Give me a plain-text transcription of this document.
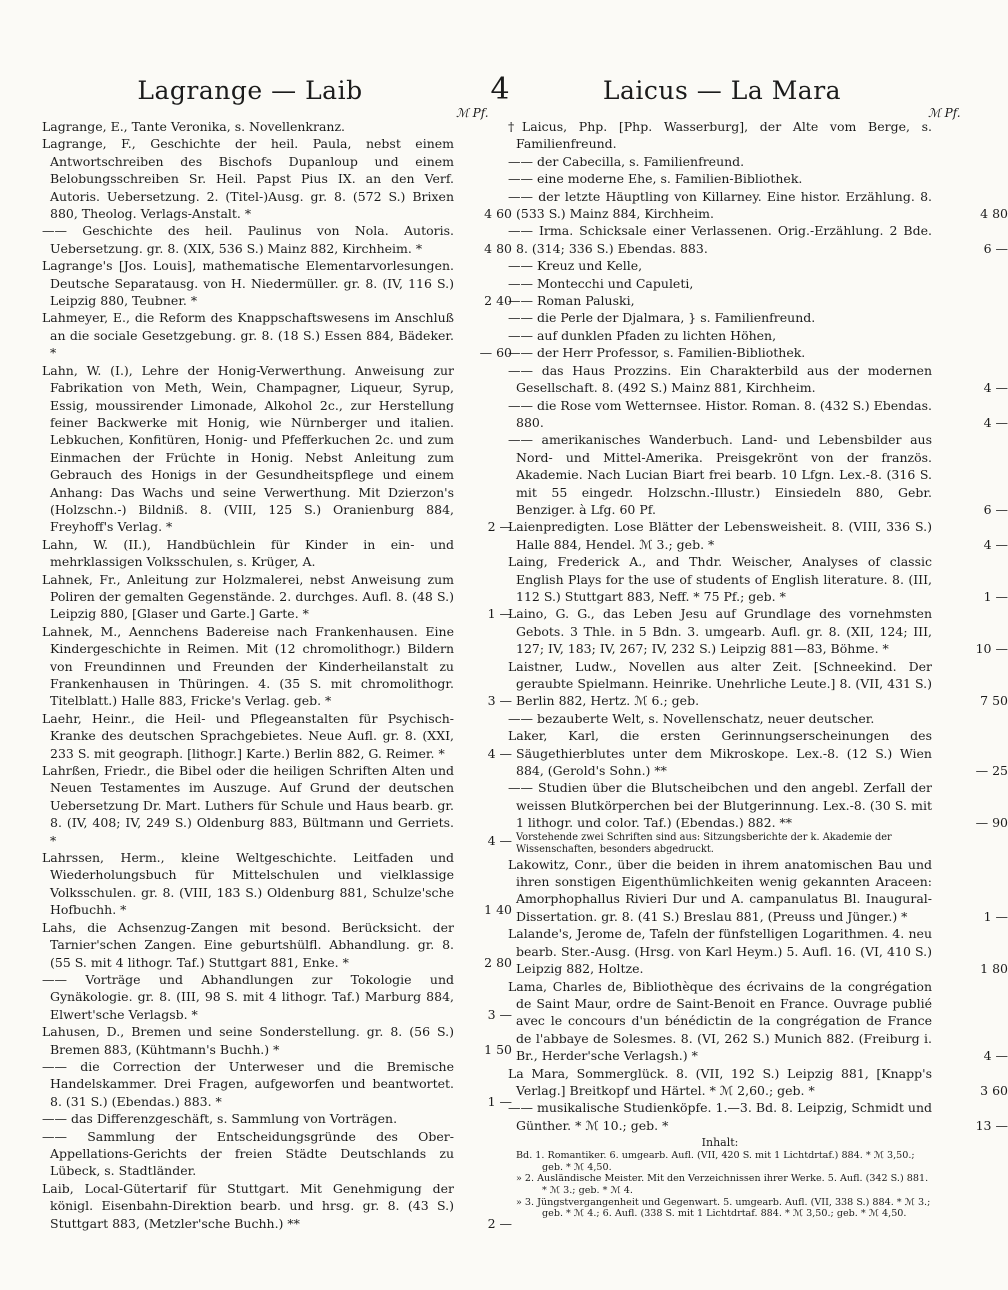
Lagrange — Laib	4	Laicus — La Mara
ℳ Pf.	ℳ Pf.

Lagrange, E., Tante Veronika, s. Novellenkranz.

Lagrange, F., Geschichte der heil. Paula, nebst einem Antwortschreiben des Bischofs Dupanloup und einem Belobungsschreiben Sr. Heil. Papst Pius IX. an den Verf. Autoris. Uebersetzung. 2. (Titel-)Ausg. gr. 8. (572 S.) Brixen 880, Theolog. Verlags-Anstalt. *	4 60

—— Geschichte des heil. Paulinus von Nola. Autoris. Uebersetzung. gr. 8. (XIX, 536 S.) Mainz 882, Kirchheim. *	4 80

Lagrange's [Jos. Louis], mathematische Elementarvorlesungen. Deutsche Separatausg. von H. Niedermüller. gr. 8. (IV, 116 S.) Leipzig 880, Teubner. *	2 40

Lahmeyer, E., die Reform des Knappschaftswesens im Anschluß an die sociale Gesetzgebung. gr. 8. (18 S.) Essen 884, Bädeker. *	— 60

Lahn, W. (I.), Lehre der Honig-Verwerthung. Anweisung zur Fabrikation von Meth, Wein, Champagner, Liqueur, Syrup, Essig, moussirender Limonade, Alkohol 2c., zur Herstellung feiner Backwerke mit Honig, wie Nürnberger und italien. Lebkuchen, Konfitüren, Honig- und Pfefferkuchen 2c. und zum Einmachen der Früchte in Honig. Nebst Anleitung zum Gebrauch des Honigs in der Gesundheitspflege und einem Anhang: Das Wachs und seine Verwerthung. Mit Dzierzon's (Holzschn.-) Bildniß. 8. (VIII, 125 S.) Oranienburg 884, Freyhoff's Verlag. *	2 —

Lahn, W. (II.), Handbüchlein für Kinder in ein- und mehrklassigen Volksschulen, s. Krüger, A.

Lahnek, Fr., Anleitung zur Holzmalerei, nebst Anweisung zum Poliren der gemalten Gegenstände. 2. durchges. Aufl. 8. (48 S.) Leipzig 880, [Glaser und Garte.] Garte. *	1 —

Lahnek, M., Aennchens Badereise nach Frankenhausen. Eine Kindergeschichte in Reimen. Mit (12 chromolithogr.) Bildern von Freundinnen und Freunden der Kinderheilanstalt zu Frankenhausen in Thüringen. 4. (35 S. mit chromolithogr. Titelblatt.) Halle 883, Fricke's Verlag. geb. *	3 —

Laehr, Heinr., die Heil- und Pflegeanstalten für Psychisch-Kranke des deutschen Sprachgebietes. Neue Aufl. gr. 8. (XXI, 233 S. mit geograph. [lithogr.] Karte.) Berlin 882, G. Reimer. *	4 —

Lahrßen, Friedr., die Bibel oder die heiligen Schriften Alten und Neuen Testamentes im Auszuge. Auf Grund der deutschen Uebersetzung Dr. Mart. Luthers für Schule und Haus bearb. gr. 8. (IV, 408; IV, 249 S.) Oldenburg 883, Bültmann und Gerriets. *	4 —

Lahrssen, Herm., kleine Weltgeschichte. Leitfaden und Wiederholungsbuch für Mittelschulen und vielklassige Volksschulen. gr. 8. (VIII, 183 S.) Oldenburg 881, Schulze'sche Hofbuchh. *	1 40

Lahs, die Achsenzug-Zangen mit besond. Berücksicht. der Tarnier'schen Zangen. Eine geburtshülfl. Abhandlung. gr. 8. (55 S. mit 4 lithogr. Taf.) Stuttgart 881, Enke. *	2 80

—— Vorträge und Abhandlungen zur Tokologie und Gynäkologie. gr. 8. (III, 98 S. mit 4 lithogr. Taf.) Marburg 884, Elwert'sche Verlagsb. *	3 —

Lahusen, D., Bremen und seine Sonderstellung. gr. 8. (56 S.) Bremen 883, (Kühtmann's Buchh.) *	1 50

—— die Correction der Unterweser und die Bremische Handelskammer. Drei Fragen, aufgeworfen und beantwortet. 8. (31 S.) (Ebendas.) 883. *	1 —

—— das Differenzgeschäft, s. Sammlung von Vorträgen.

—— Sammlung der Entscheidungsgründe des Ober-Appellations-Gerichts der freien Städte Deutschlands zu Lübeck, s. Stadtländer.

Laib, Local-Gütertarif für Stuttgart. Mit Genehmigung der königl. Eisenbahn-Direktion bearb. und hrsg. gr. 8. (43 S.) Stuttgart 883, (Metzler'sche Buchh.) **	2 —

†Laicus, Php. [Php. Wasserburg], der Alte vom Berge, s. Familienfreund.

—— der Cabecilla, s. Familienfreund.

—— eine moderne Ehe, s. Familien-Bibliothek.

—— der letzte Häuptling von Killarney. Eine histor. Erzählung. 8. (533 S.) Mainz 884, Kirchheim.	4 80

—— Irma. Schicksale einer Verlassenen. Orig.-Erzählung. 2 Bde. 8. (314; 336 S.) Ebendas. 883.	6 —

—— Kreuz und Kelle,

—— Montecchi und Capuleti,

—— Roman Paluski,

—— die Perle der Djalmara, } s. Familienfreund.

—— auf dunklen Pfaden zu lichten Höhen,

—— der Herr Professor, s. Familien-Bibliothek.

—— das Haus Prozzins. Ein Charakterbild aus der modernen Gesellschaft. 8. (492 S.) Mainz 881, Kirchheim.	4 —

—— die Rose vom Wetternsee. Histor. Roman. 8. (432 S.) Ebendas. 880.	4 —

—— amerikanisches Wanderbuch. Land- und Lebensbilder aus Nord- und Mittel-Amerika. Preisgekrönt von der französ. Akademie. Nach Lucian Biart frei bearb. 10 Lfgn. Lex.-8. (316 S. mit 55 eingedr. Holzschn.-Illustr.) Einsiedeln 880, Gebr. Benziger. à Lfg. 60 Pf.	6 —

Laienpredigten. Lose Blätter der Lebensweisheit. 8. (VIII, 336 S.) Halle 884, Hendel. ℳ 3.; geb. *	4 —

Laing, Frederick A., and Thdr. Weischer, Analyses of classic English Plays for the use of students of English literature. 8. (III, 112 S.) Stuttgart 883, Neff. * 75 Pf.; geb. *	1 —

Laino, G. G., das Leben Jesu auf Grundlage des vornehmsten Gebots. 3 Thle. in 5 Bdn. 3. umgearb. Aufl. gr. 8. (XII, 124; III, 127; IV, 183; IV, 267; IV, 232 S.) Leipzig 881—83, Böhme. *	10 —

Laistner, Ludw., Novellen aus alter Zeit. [Schneekind. Der geraubte Spielmann. Heinrike. Unehrliche Leute.] 8. (VII, 431 S.) Berlin 882, Hertz. ℳ 6.; geb.	7 50

—— bezauberte Welt, s. Novellenschatz, neuer deutscher.

Laker, Karl, die ersten Gerinnungserscheinungen des Säugethierblutes unter dem Mikroskope. Lex.-8. (12 S.) Wien 884, (Gerold's Sohn.) **	— 25

—— Studien über die Blutscheibchen und den angebl. Zerfall der weissen Blutkörperchen bei der Blutgerinnung. Lex.-8. (30 S. mit 1 lithogr. und color. Taf.) (Ebendas.) 882. **	— 90

Vorstehende zwei Schriften sind aus: Sitzungsberichte der k. Akademie der Wissenschaften, besonders abgedruckt.

Lakowitz, Conr., über die beiden in ihrem anatomischen Bau und ihren sonstigen Eigenthümlichkeiten wenig gekannten Araceen: Amorphophallus Rivieri Dur und A. campanulatus Bl. Inaugural-Dissertation. gr. 8. (41 S.) Breslau 881, (Preuss und Jünger.) *	1 —

Lalande's, Jerome de, Tafeln der fünfstelligen Logarithmen. 4. neu bearb. Ster.-Ausg. (Hrsg. von Karl Heym.) 5. Aufl. 16. (VI, 410 S.) Leipzig 882, Holtze.	1 80

Lama, Charles de, Bibliothèque des écrivains de la congrégation de Saint Maur, ordre de Saint-Benoit en France. Ouvrage publié avec le concours d'un bénédictin de la congrégation de France de l'abbaye de Solesmes. 8. (VI, 262 S.) Munich 882. (Freiburg i. Br., Herder'sche Verlagsh.) *	4 —

La Mara, Sommerglück. 8. (VII, 192 S.) Leipzig 881, [Knapp's Verlag.] Breitkopf und Härtel. * ℳ 2,60.; geb. *	3 60

—— musikalische Studienköpfe. 1.—3. Bd. 8. Leipzig, Schmidt und Günther. * ℳ 10.; geb. *	13 —

Inhalt:

Bd. 1. Romantiker. 6. umgearb. Aufl. (VII, 420 S. mit 1 Lichtdrtaf.) 884. * ℳ 3,50.; geb. * ℳ 4,50.

» 2. Ausländische Meister. Mit den Verzeichnissen ihrer Werke. 5. Aufl. (342 S.) 881. * ℳ 3.; geb. * ℳ 4.

» 3. Jüngstvergangenheit und Gegenwart. 5. umgearb. Aufl. (VII, 338 S.) 884. * ℳ 3.; geb. * ℳ 4.; 6. Aufl. (338 S. mit 1 Lichtdrtaf. 884. * ℳ 3,50.; geb. * ℳ 4,50.
